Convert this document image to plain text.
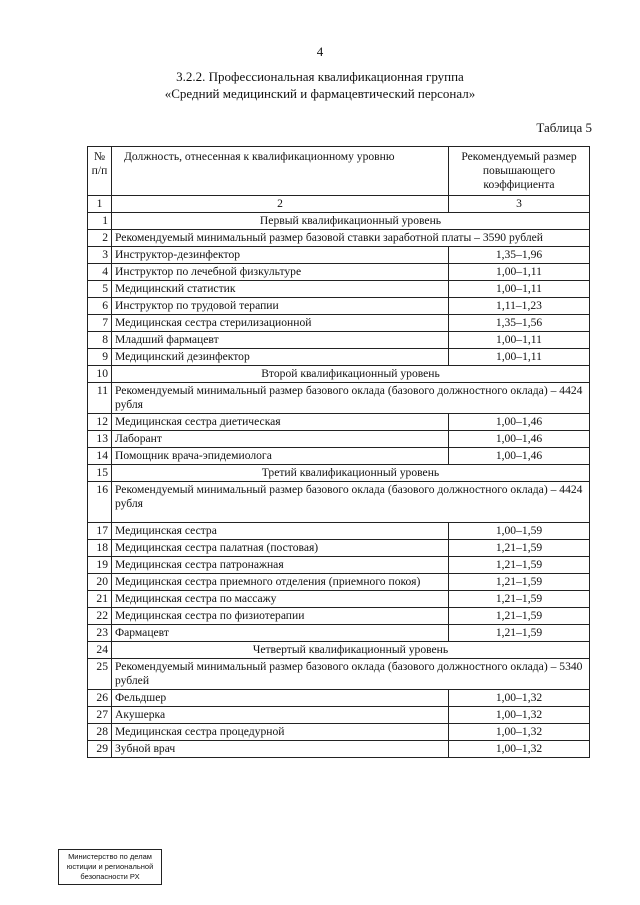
4
3.2.2. Профессиональная квалификационная группа
«Средний медицинский и фармацевтический персонал»
Таблица 5
№ п/п	Должность, отнесенная к квалификационному уровню	Рекомендуемый размер повышающего коэффициента
1	2	3
1	Первый квалификационный уровень	
2	Рекомендуемый минимальный размер базовой ставки заработной платы – 3590 рублей	
3	Инструктор-дезинфектор	1,35–1,96
4	Инструктор по лечебной физкультуре	1,00–1,11
5	Медицинский статистик	1,00–1,11
6	Инструктор по трудовой терапии	1,11–1,23
7	Медицинская сестра стерилизационной	1,35–1,56
8	Младший фармацевт	1,00–1,11
9	Медицинский дезинфектор	1,00–1,11
10	Второй квалификационный уровень	
11	Рекомендуемый минимальный размер базового оклада (базового должностного оклада) – 4424 рубля	
12	Медицинская сестра диетическая	1,00–1,46
13	Лаборант	1,00–1,46
14	Помощник врача-эпидемиолога	1,00–1,46
15	Третий квалификационный уровень	
16	Рекомендуемый минимальный размер базового оклада (базового должностного оклада) – 4424 рубля	
17	Медицинская сестра	1,00–1,59
18	Медицинская сестра палатная (постовая)	1,21–1,59
19	Медицинская сестра патронажная	1,21–1,59
20	Медицинская сестра приемного отделения (приемного покоя)	1,21–1,59
21	Медицинская сестра по массажу	1,21–1,59
22	Медицинская сестра по физиотерапии	1,21–1,59
23	Фармацевт	1,21–1,59
24	Четвертый квалификационный уровень	
25	Рекомендуемый минимальный размер базового оклада (базового должностного оклада) – 5340 рублей	
26	Фельдшер	1,00–1,32
27	Акушерка	1,00–1,32
28	Медицинская сестра процедурной	1,00–1,32
29	Зубной врач	1,00–1,32
Министерство по делам
юстиции и региональной
безопасности РХ
